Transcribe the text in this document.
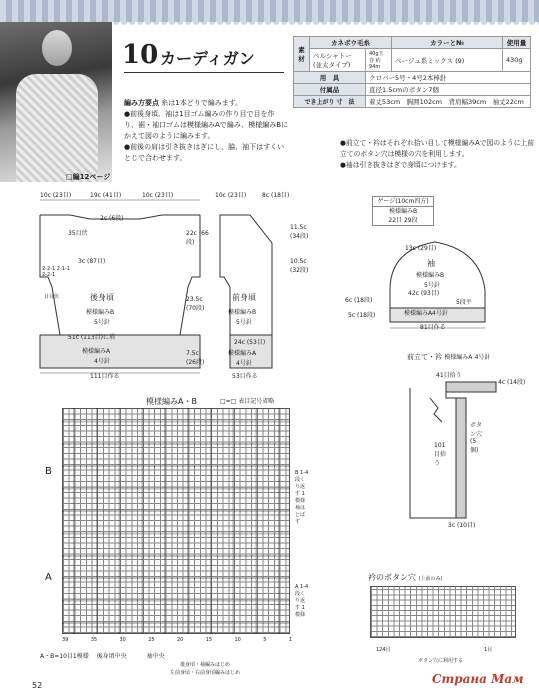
10 カーディガン	素
材	カネボウ毛糸		カラーと№	使用量
	ベルシャトー
(並太タイプ)	40g玉巻 約94m	ベージュ系ミックス (9)	430g
用　具		クロバー5号・4号2本棒針		
付属品		直径1.5cmのボタン7個		
でき上がり 寸　法		着丈53cm　胸囲102cm　背肩幅39cm　袖丈22cm		
編み方要点 糸は1本どりで編みます。
●前後身頃、袖は1目ゴム編みの作り目で目を作り、裾・袖口ゴムは模様編みAで編み、模様編みBにかえて図のように編みます。
●前後の肩は引き抜きはぎにし、脇、袖下はすくいとじで合わせます。
●前立て・衿はそれぞれ拾い目して模様編みAで図のように上前立てのボタン穴は模様の穴を利用します。
●袖は引き抜きはぎで身頃につけます。
□編12ページ
10c (23目)	19c (41目)	10c (23目)
2c (6段)
35目伏
3c (87目)
2-2-1 2-1-1 2-2-1
目目伏	後身頃
模様編みB
5号針
51c (113目)に増
模様編みA
4号針
111目作る
10c (23目)	8c (18目)
11.5c (34段)
10.5c (32段)
22c (66段)
23.5c (70段)
7.5c (26段)
前身頃
模様編みB
5号針
24c (53目)
模様編みA
4号針
53目作る
ゲージ(10cm四方)
模様編みB
22目 29段
13c (29目)
袖
模様編みB
5号針
42c (93目)
5段平
6c (18段)
5c (18段)	模様編みA 4号針
81目作る
前立て・衿 模様編みA 4号針
41目拾う
4c (14段)
101目拾う
ボタン穴 (5個)
3c (10目)
模様編みA・B	□=□ 表目記号省略
B
A
B 1-4段くり返す 1模様 袖はとばす
A 1-4段くり返す 1模様
39	35	30	25	20	15	10	5	1
A・B=10目1模様　 後身頃中央　　　	袖中央
後身頃・袖編みはじめ
左前身頃・右前身頃編みはじめ
衿のボタン穴 (上前のみ)
124目
ボタン穴に利用する
1目
52	Страна Мам
